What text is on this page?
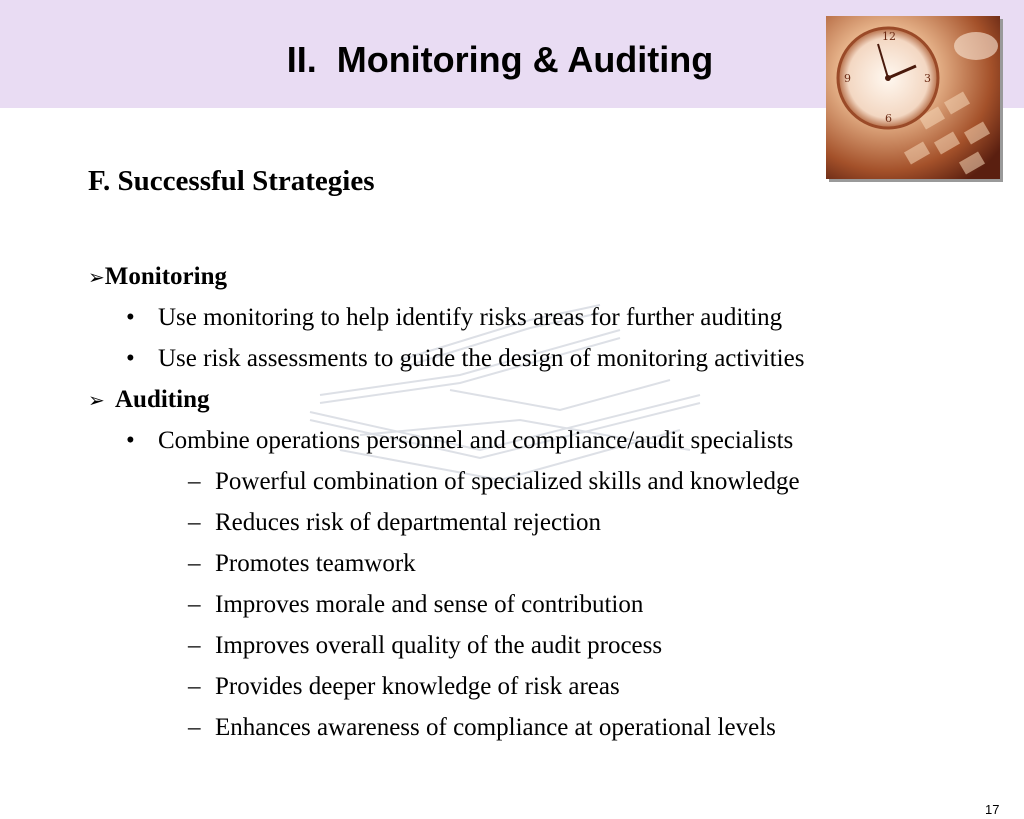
II.  Monitoring & Auditing
12
3
6
9
F. Successful Strategies
➢Monitoring
• Use monitoring to help identify risks areas for further auditing
• Use risk assessments to guide the design of monitoring activities
➢ Auditing
• Combine operations personnel and compliance/audit specialists
– Powerful combination of specialized skills and knowledge
– Reduces risk of departmental rejection
– Promotes teamwork
– Improves morale and sense of contribution
– Improves overall quality of the audit process
– Provides deeper knowledge of risk areas
– Enhances awareness of compliance at operational levels
17
